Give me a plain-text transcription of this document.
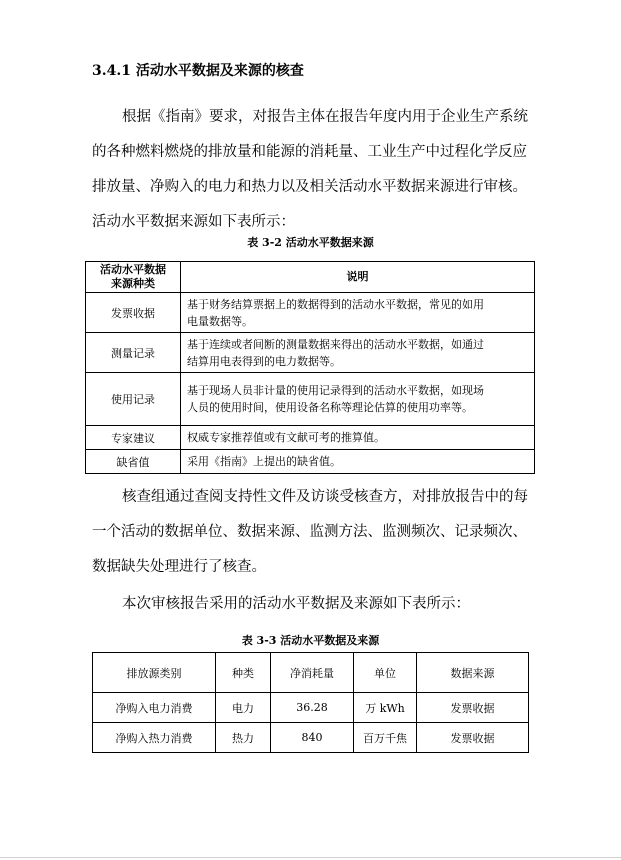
3.4.1 活动水平数据及来源的核查
根据《指南》要求，对报告主体在报告年度内用于企业生产系统
的各种燃料燃烧的排放量和能源的消耗量、工业生产中过程化学反应
排放量、净购入的电力和热力以及相关活动水平数据来源进行审核。
活动水平数据来源如下表所示：
表 3-2 活动水平数据来源
活动水平数据
来源种类	说明
发票收据	基于财务结算票据上的数据得到的活动水平数据，常见的如用
电量数据等。
测量记录	基于连续或者间断的测量数据来得出的活动水平数据，如通过
结算用电表得到的电力数据等。
使用记录	基于现场人员非计量的使用记录得到的活动水平数据，如现场
人员的使用时间，使用设备名称等理论估算的使用功率等。
专家建议	权威专家推荐值或有文献可考的推算值。
缺省值	采用《指南》上提出的缺省值。
核查组通过查阅支持性文件及访谈受核查方，对排放报告中的每
一个活动的数据单位、数据来源、监测方法、监测频次、记录频次、
数据缺失处理进行了核查。
本次审核报告采用的活动水平数据及来源如下表所示：
表 3-3 活动水平数据及来源
排放源类别	种类	净消耗量	单位	数据来源
净购入电力消费	电力	36.28	万 kWh	发票收据
净购入热力消费	热力	840	百万千焦	发票收据
